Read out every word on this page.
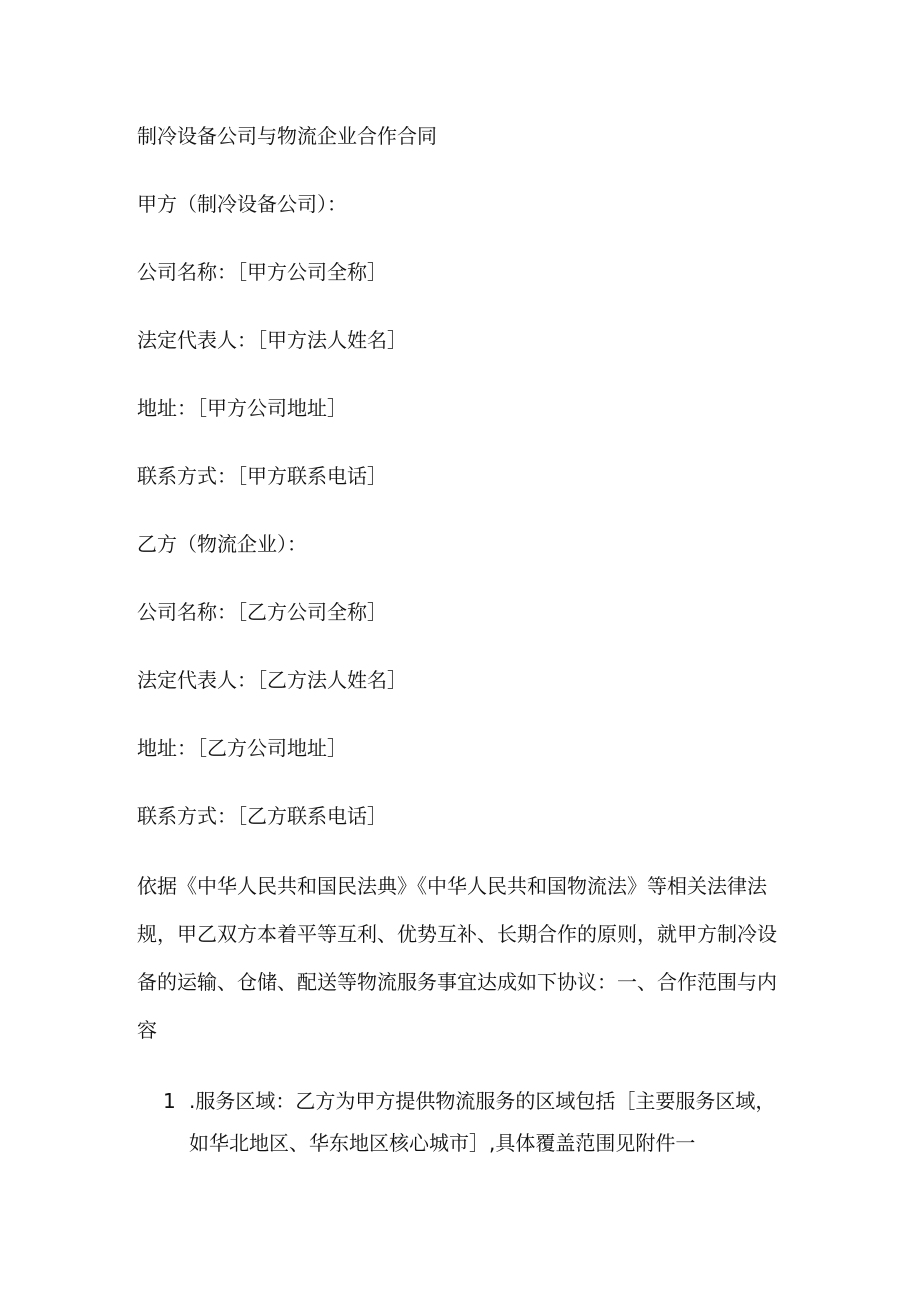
制冷设备公司与物流企业合作合同
甲方（制冷设备公司）：
公司名称：［甲方公司全称］
法定代表人：［甲方法人姓名］
地址：［甲方公司地址］
联系方式：［甲方联系电话］
乙方（物流企业）：
公司名称：［乙方公司全称］
法定代表人：［乙方法人姓名］
地址：［乙方公司地址］
联系方式：［乙方联系电话］
依据《中华人民共和国民法典》《中华人民共和国物流法》等相关法律法
规，甲乙双方本着平等互利、优势互补、长期合作的原则，就甲方制冷设
备的运输、仓储、配送等物流服务事宜达成如下协议：一、合作范围与内
容
1 .服务区域：乙方为甲方提供物流服务的区域包括［主要服务区域，
如华北地区、华东地区核心城市］,具体覆盖范围见附件一
